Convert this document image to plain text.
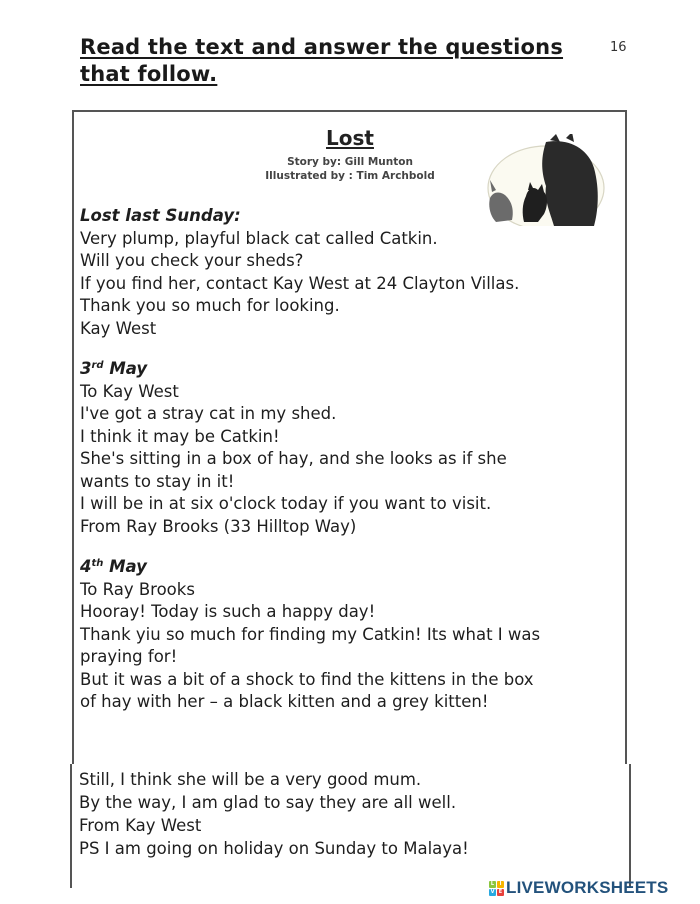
Read the text and answer the questions that follow.
16
Lost
Story by: Gill Munton
Illustrated by : Tim Archbold
Lost last Sunday:
Very plump, playful black cat called Catkin.
Will you check your sheds?
If you find her, contact Kay West at 24 Clayton Villas.
Thank you so much for looking.
Kay West
3rd May
To Kay West
I've got a stray cat in my shed.
I think it may be Catkin!
She's sitting in a box of hay, and she looks as if she
wants to stay in it!
I will be in at six o'clock today if you want to visit.
From Ray Brooks (33 Hilltop Way)
4th May
To Ray Brooks
Hooray! Today is such a happy day!
Thank yiu so much for finding my Catkin! Its what I was
praying for!
But it was a bit of a shock to find the kittens in the box
of hay with her – a black kitten and a grey kitten!
Still, I think she will be a very good mum.
By the way, I am glad to say they are all well.
From Kay West
PS I am going on holiday on Sunday to Malaya!
L	I
V E LIVEWORKSHEETS
